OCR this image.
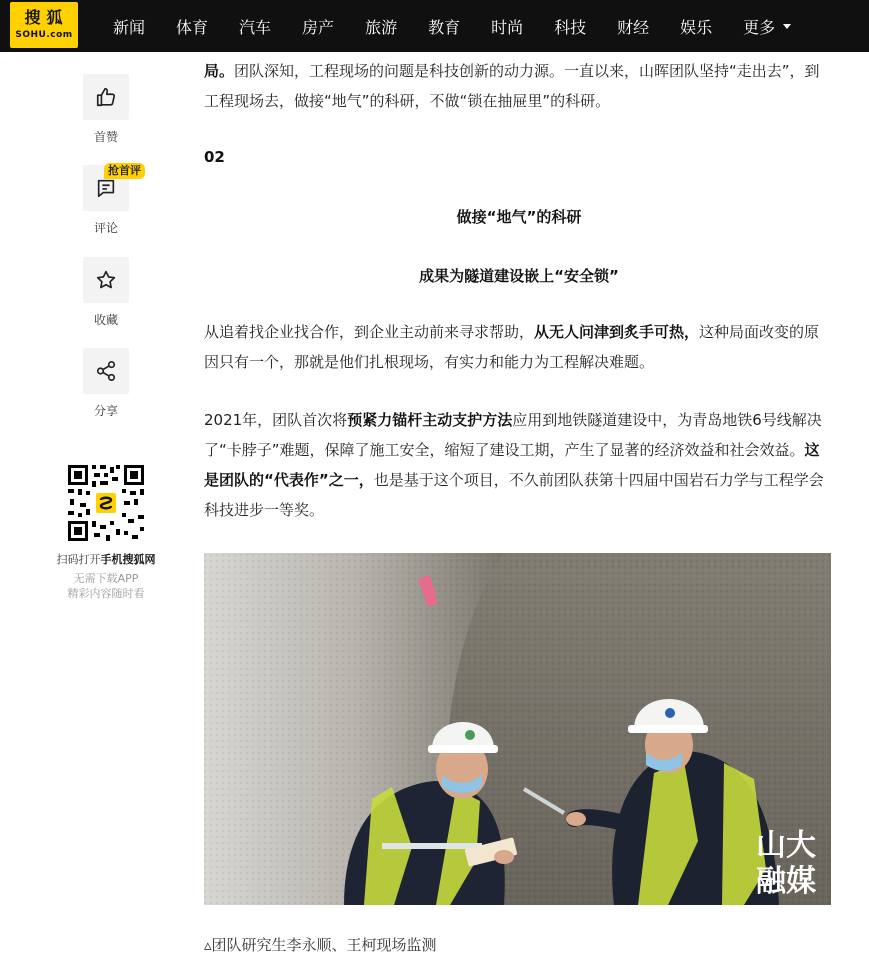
搜狐
SOHU.com	新闻 体育 汽车 房产 旅游 教育 时尚 科技 财经 娱乐 更多
首赞
抢首评
评论
收藏
分享
扫码打开手机搜狐网
无需下载APP
精彩内容随时看

局。团队深知，工程现场的问题是科技创新的动力源。一直以来，山晖团队坚持“走出去”，到工程现场去，做接“地气”的科研，不做“锁在抽屉里”的科研。

02
做接“地气”的科研
成果为隧道建设嵌上“安全锁”

从追着找企业找合作，到企业主动前来寻求帮助，从无人问津到炙手可热，这种局面改变的原因只有一个，那就是他们扎根现场，有实力和能力为工程解决难题。

2021年，团队首次将预紧力锚杆主动支护方法应用到地铁隧道建设中，为青岛地铁6号线解决了“卡脖子”难题，保障了施工安全，缩短了建设工期，产生了显著的经济效益和社会效益。这是团队的“代表作”之一，也是基于这个项目，不久前团队获第十四届中国岩石力学与工程学会科技进步一等奖。

山大
融媒
▵团队研究生李永顺、王柯现场监测
